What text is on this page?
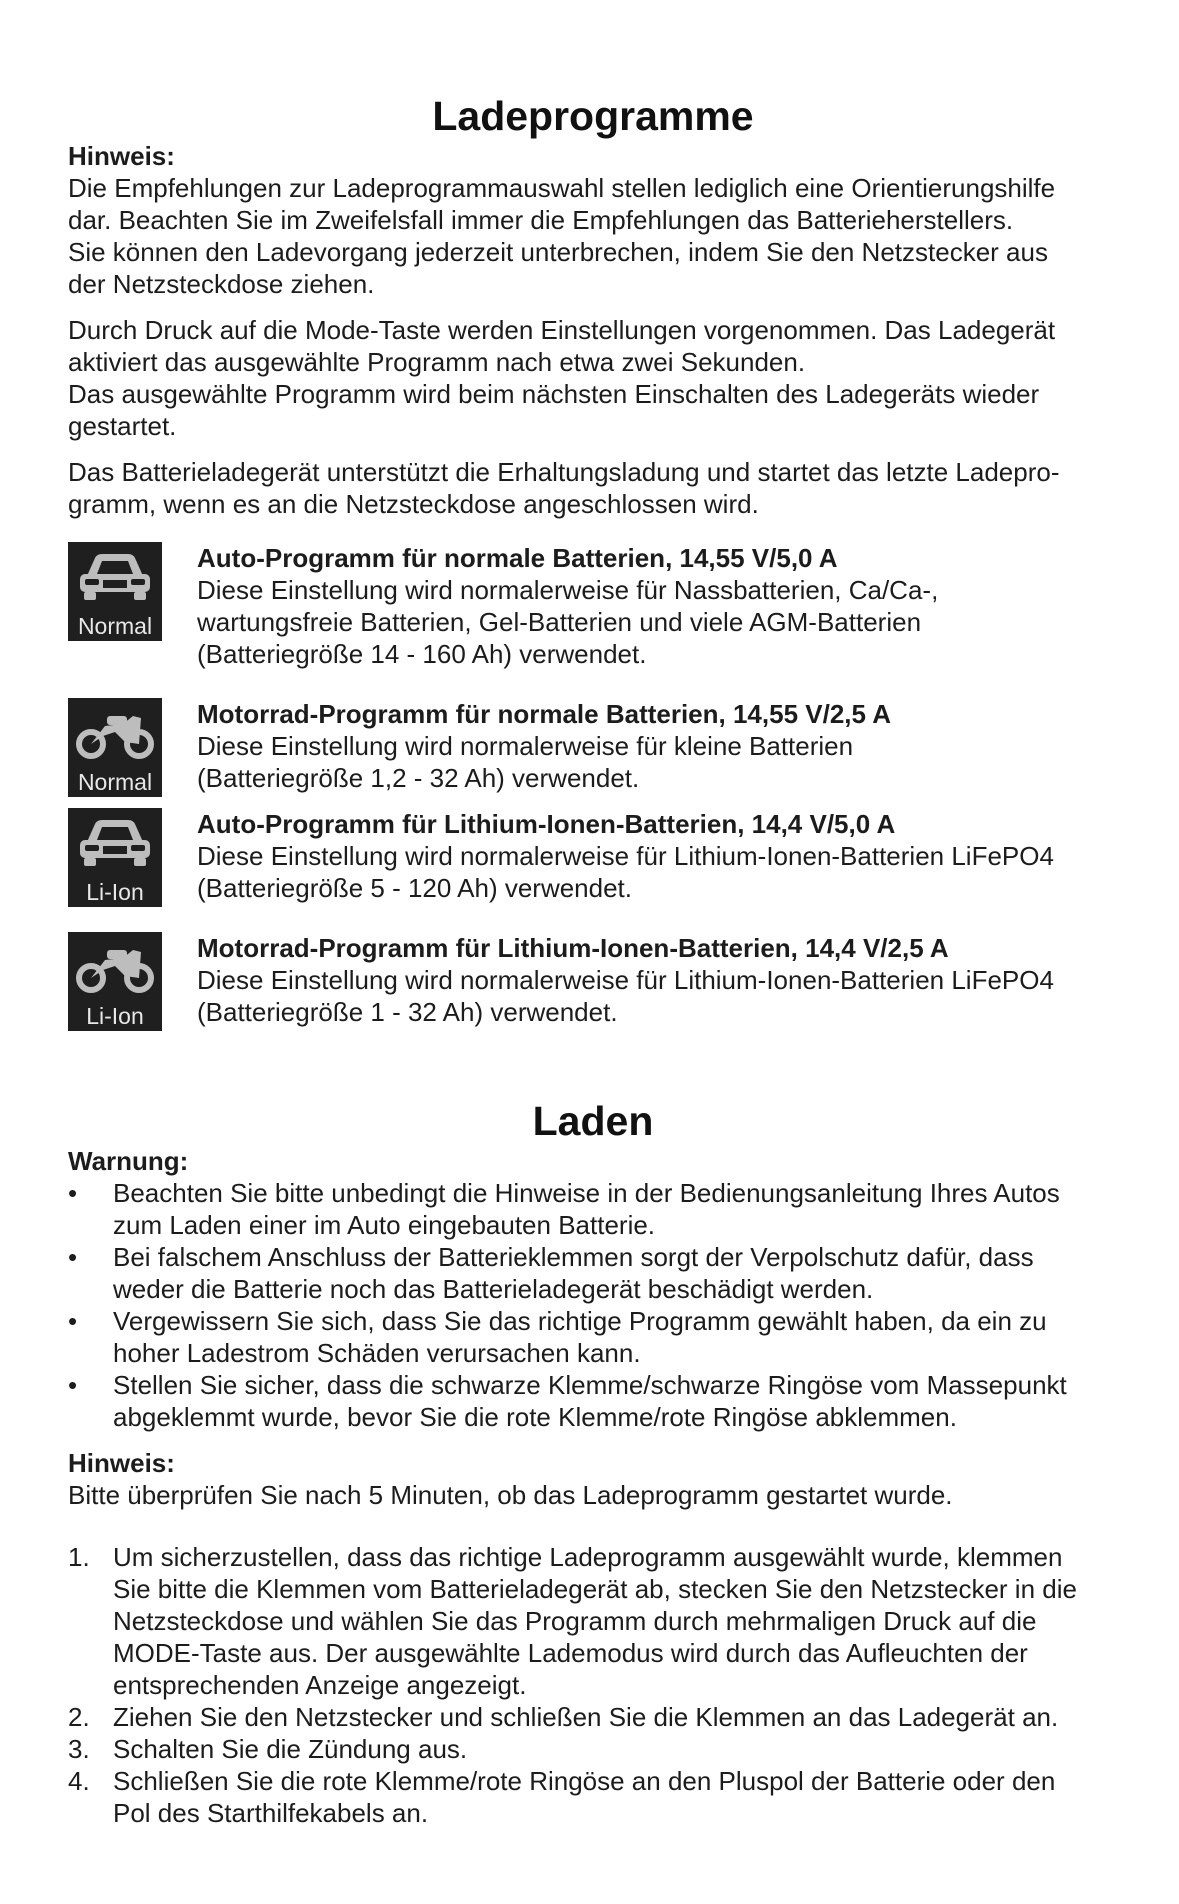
Ladeprogramme

Hinweis:

Die Empfehlungen zur Ladeprogrammauswahl stellen lediglich eine Orientierungshilfe

dar. Beachten Sie im Zweifelsfall immer die Empfehlungen das Batterieherstellers.

Sie können den Ladevorgang jederzeit unterbrechen, indem Sie den Netzstecker aus

der Netzsteckdose ziehen.

Durch Druck auf die Mode-Taste werden Einstellungen vorgenommen. Das Ladegerät

aktiviert das ausgewählte Programm nach etwa zwei Sekunden.

Das ausgewählte Programm wird beim nächsten Einschalten des Ladegeräts wieder

gestartet.

Das Batterieladegerät unterstützt die Erhaltungsladung und startet das letzte Ladepro-

gramm, wenn es an die Netzsteckdose angeschlossen wird.

Normal

Auto-Programm für normale Batterien, 14,55 V/5,0 A

Diese Einstellung wird normalerweise für Nassbatterien, Ca/Ca-,

wartungsfreie Batterien, Gel-Batterien und viele AGM-Batterien

(Batteriegröße 14 - 160 Ah) verwendet.

Normal

Motorrad-Programm für normale Batterien, 14,55 V/2,5 A

Diese Einstellung wird normalerweise für kleine Batterien

(Batteriegröße 1,2 - 32 Ah) verwendet.

Li-Ion

Auto-Programm für Lithium-Ionen-Batterien, 14,4 V/5,0 A

Diese Einstellung wird normalerweise für Lithium-Ionen-Batterien LiFePO4

(Batteriegröße 5 - 120 Ah) verwendet.

Li-Ion

Motorrad-Programm für Lithium-Ionen-Batterien, 14,4 V/2,5 A

Diese Einstellung wird normalerweise für Lithium-Ionen-Batterien LiFePO4

(Batteriegröße 1 - 32 Ah) verwendet.

Laden

Warnung:

•	Beachten Sie bitte unbedingt die Hinweise in der Bedienungsanleitung Ihres Autos
zum Laden einer im Auto eingebauten Batterie.
•	Bei falschem Anschluss der Batterieklemmen sorgt der Verpolschutz dafür, dass
weder die Batterie noch das Batterieladegerät beschädigt werden.
•	Vergewissern Sie sich, dass Sie das richtige Programm gewählt haben, da ein zu
hoher Ladestrom Schäden verursachen kann.
•	Stellen Sie sicher, dass die schwarze Klemme/schwarze Ringöse vom Massepunkt
abgeklemmt wurde, bevor Sie die rote Klemme/rote Ringöse abklemmen.

Hinweis:

Bitte überprüfen Sie nach 5 Minuten, ob das Ladeprogramm gestartet wurde.

1. Um sicherzustellen, dass das richtige Ladeprogramm ausgewählt wurde, klemmen
Sie bitte die Klemmen vom Batterieladegerät ab, stecken Sie den Netzstecker in die
Netzsteckdose und wählen Sie das Programm durch mehrmaligen Druck auf die
MODE-Taste aus. Der ausgewählte Lademodus wird durch das Aufleuchten der
entsprechenden Anzeige angezeigt.
2. Ziehen Sie den Netzstecker und schließen Sie die Klemmen an das Ladegerät an.
3. Schalten Sie die Zündung aus.
4. Schließen Sie die rote Klemme/rote Ringöse an den Pluspol der Batterie oder den
Pol des Starthilfekabels an.
